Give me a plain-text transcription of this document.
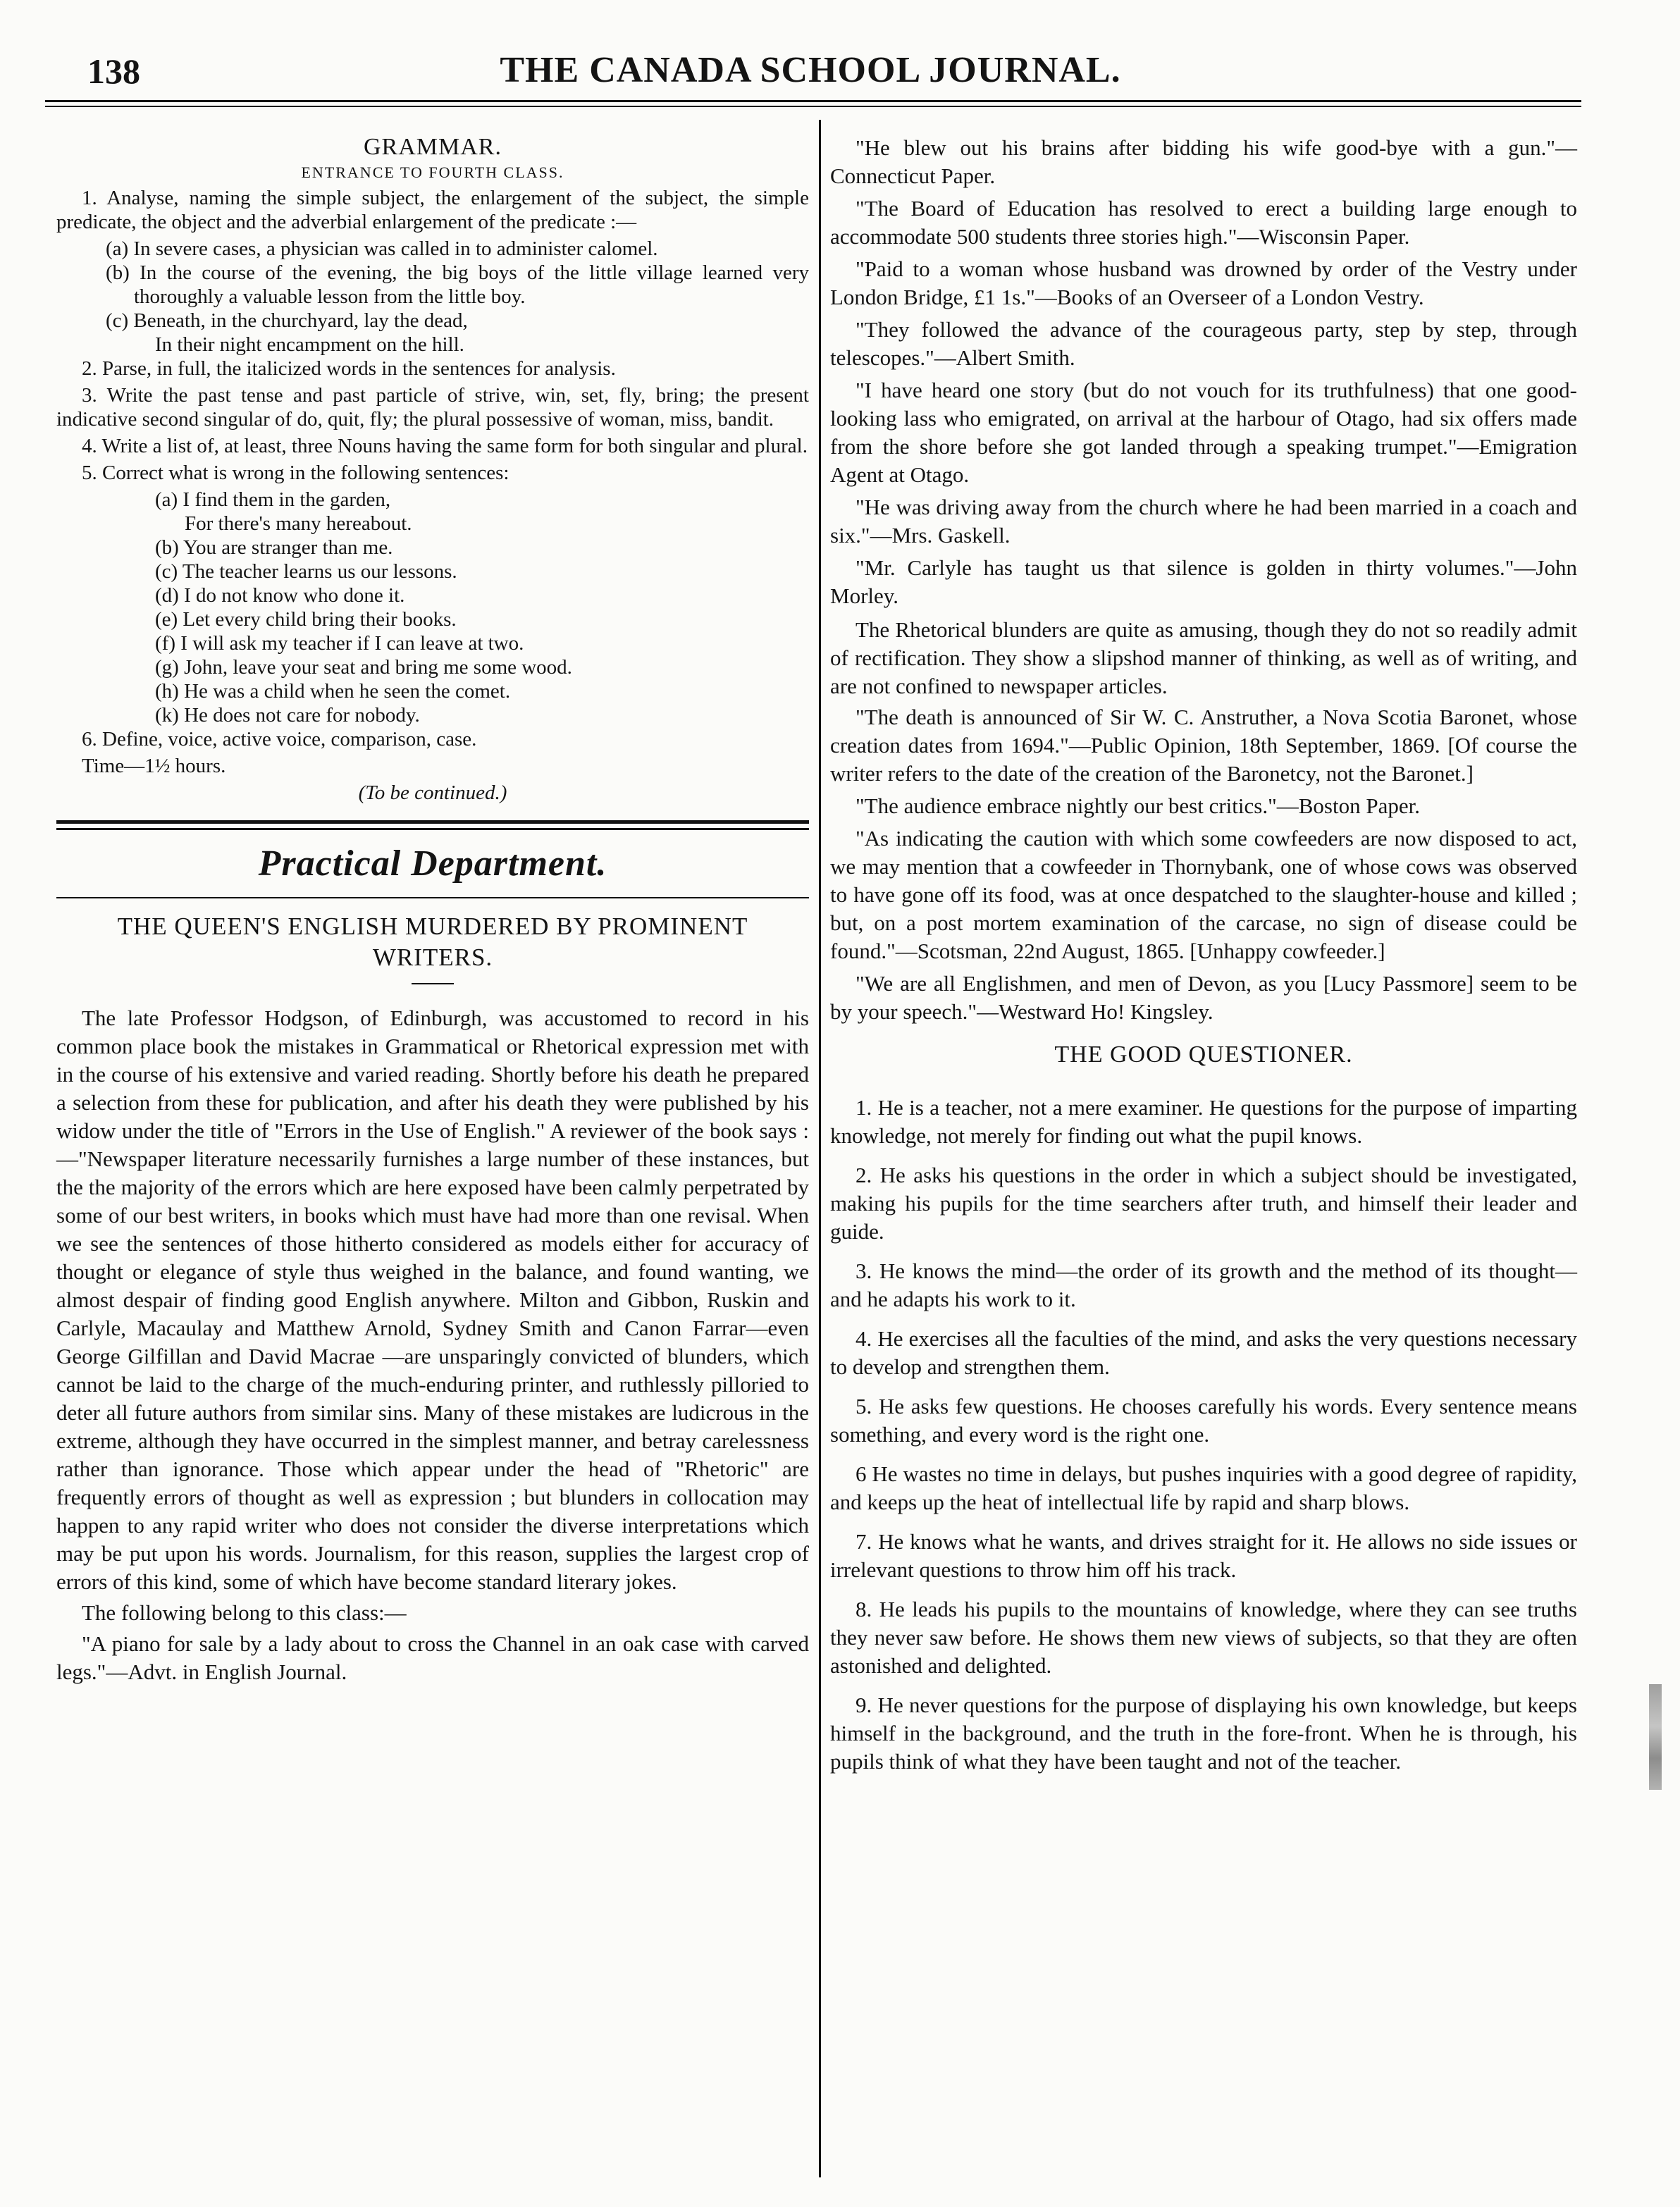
138	THE CANADA SCHOOL JOURNAL.
GRAMMAR.
ENTRANCE TO FOURTH CLASS.

1. Analyse, naming the simple subject, the enlargement of the subject, the simple predicate, the object and the adverbial enlargement of the predicate :—

(a) In severe cases, a physician was called in to administer calomel.

(b) In the course of the evening, the big boys of the little village learned very thoroughly a valuable lesson from the little boy.

(c) Beneath, in the churchyard, lay the dead,

In their night encampment on the hill.

2. Parse, in full, the italicized words in the sentences for analysis.

3. Write the past tense and past particle of strive, win, set, fly, bring; the present indicative second singular of do, quit, fly; the plural possessive of woman, miss, bandit.

4. Write a list of, at least, three Nouns having the same form for both singular and plural.

5. Correct what is wrong in the following sentences:

(a) I find them in the garden,

For there's many hereabout.

(b) You are stranger than me.

(c) The teacher learns us our lessons.

(d) I do not know who done it.

(e) Let every child bring their books.

(f) I will ask my teacher if I can leave at two.

(g) John, leave your seat and bring me some wood.

(h) He was a child when he seen the comet.

(k) He does not care for nobody.

6. Define, voice, active voice, comparison, case.

Time—1½ hours.

(To be continued.)

Practical Department.
THE QUEEN'S ENGLISH MURDERED BY PROMINENT WRITERS.

The late Professor Hodgson, of Edinburgh, was accustomed to record in his common place book the mistakes in Grammatical or Rhetorical expression met with in the course of his extensive and varied reading. Shortly before his death he prepared a selection from these for publication, and after his death they were published by his widow under the title of "Errors in the Use of English." A reviewer of the book says :—"Newspaper literature necessarily furnishes a large number of these instances, but the the majority of the errors which are here exposed have been calmly perpetrated by some of our best writers, in books which must have had more than one revisal. When we see the sentences of those hitherto considered as models either for accuracy of thought or elegance of style thus weighed in the balance, and found wanting, we almost despair of finding good English anywhere. Milton and Gibbon, Ruskin and Carlyle, Macaulay and Matthew Arnold, Sydney Smith and Canon Farrar—even George Gilfillan and David Macrae —are unsparingly convicted of blunders, which cannot be laid to the charge of the much-enduring printer, and ruthlessly pilloried to deter all future authors from similar sins. Many of these mistakes are ludicrous in the extreme, although they have occurred in the simplest manner, and betray carelessness rather than ignorance. Those which appear under the head of "Rhetoric" are frequently errors of thought as well as expression ; but blunders in collocation may happen to any rapid writer who does not consider the diverse interpretations which may be put upon his words. Journalism, for this reason, supplies the largest crop of errors of this kind, some of which have become standard literary jokes.

The following belong to this class:—

"A piano for sale by a lady about to cross the Channel in an oak case with carved legs."—Advt. in English Journal.

"He blew out his brains after bidding his wife good-bye with a gun."—Connecticut Paper.

"The Board of Education has resolved to erect a building large enough to accommodate 500 students three stories high."—Wisconsin Paper.

"Paid to a woman whose husband was drowned by order of the Vestry under London Bridge, £1 1s."—Books of an Overseer of a London Vestry.

"They followed the advance of the courageous party, step by step, through telescopes."—Albert Smith.

"I have heard one story (but do not vouch for its truthfulness) that one good-looking lass who emigrated, on arrival at the harbour of Otago, had six offers made from the shore before she got landed through a speaking trumpet."—Emigration Agent at Otago.

"He was driving away from the church where he had been married in a coach and six."—Mrs. Gaskell.

"Mr. Carlyle has taught us that silence is golden in thirty volumes."—John Morley.

The Rhetorical blunders are quite as amusing, though they do not so readily admit of rectification. They show a slipshod manner of thinking, as well as of writing, and are not confined to newspaper articles.

"The death is announced of Sir W. C. Anstruther, a Nova Scotia Baronet, whose creation dates from 1694."—Public Opinion, 18th September, 1869. [Of course the writer refers to the date of the creation of the Baronetcy, not the Baronet.]

"The audience embrace nightly our best critics."—Boston Paper.

"As indicating the caution with which some cowfeeders are now disposed to act, we may mention that a cowfeeder in Thornybank, one of whose cows was observed to have gone off its food, was at once despatched to the slaughter-house and killed ; but, on a post mortem examination of the carcase, no sign of disease could be found."—Scotsman, 22nd August, 1865. [Unhappy cowfeeder.]

"We are all Englishmen, and men of Devon, as you [Lucy Passmore] seem to be by your speech."—Westward Ho! Kingsley.

THE GOOD QUESTIONER.

1. He is a teacher, not a mere examiner. He questions for the purpose of imparting knowledge, not merely for finding out what the pupil knows.

2. He asks his questions in the order in which a subject should be investigated, making his pupils for the time searchers after truth, and himself their leader and guide.

3. He knows the mind—the order of its growth and the method of its thought—and he adapts his work to it.

4. He exercises all the faculties of the mind, and asks the very questions necessary to develop and strengthen them.

5. He asks few questions. He chooses carefully his words. Every sentence means something, and every word is the right one.

6 He wastes no time in delays, but pushes inquiries with a good degree of rapidity, and keeps up the heat of intellectual life by rapid and sharp blows.

7. He knows what he wants, and drives straight for it. He allows no side issues or irrelevant questions to throw him off his track.

8. He leads his pupils to the mountains of knowledge, where they can see truths they never saw before. He shows them new views of subjects, so that they are often astonished and delighted.

9. He never questions for the purpose of displaying his own knowledge, but keeps himself in the background, and the truth in the fore-front. When he is through, his pupils think of what they have been taught and not of the teacher.
